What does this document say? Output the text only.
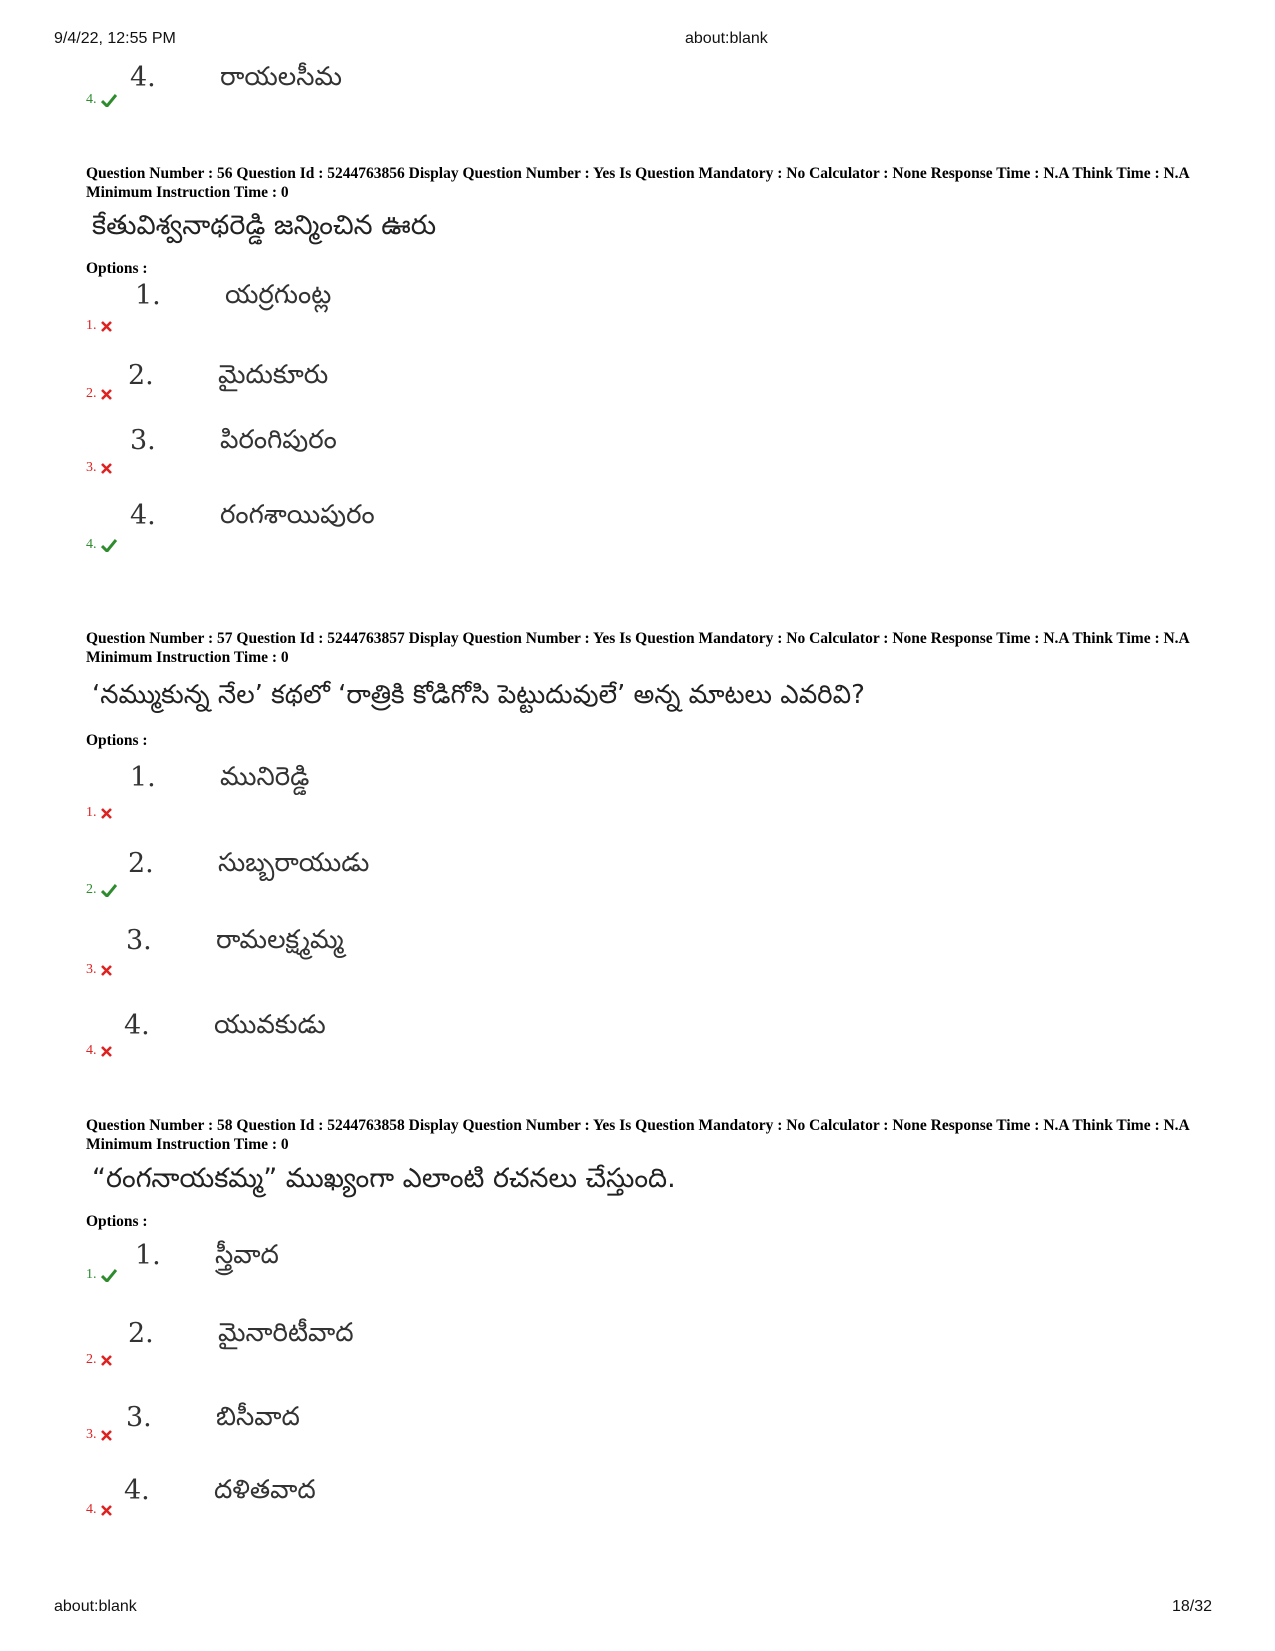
9/4/22, 12:55 PM	about:blank
4. రాయలసీమ
4.
Question Number : 56 Question Id : 5244763856 Display Question Number : Yes Is Question Mandatory : No Calculator : None Response Time : N.A Think Time : N.A Minimum Instruction Time : 0
కేతువిశ్వనాథరెడ్డి జన్మించిన ఊరు
Options :
1. యర్రగుంట్ల
1.
2. మైదుకూరు
2.
3. పిరంగిపురం
3.
4. రంగశాయిపురం
4.
Question Number : 57 Question Id : 5244763857 Display Question Number : Yes Is Question Mandatory : No Calculator : None Response Time : N.A Think Time : N.A Minimum Instruction Time : 0
‘నమ్ముకున్న నేల’ కథలో ‘రాత్రికి కోడిగోసి పెట్టుదువులే’ అన్న మాటలు ఎవరివి?
Options :
1. మునిరెడ్డి
1.
2. సుబ్బరాయుడు
2.
3. రామలక్ష్మమ్మ
3.
4. యువకుడు
4.
Question Number : 58 Question Id : 5244763858 Display Question Number : Yes Is Question Mandatory : No Calculator : None Response Time : N.A Think Time : N.A Minimum Instruction Time : 0
“రంగనాయకమ్మ” ముఖ్యంగా ఎలాంటి రచనలు చేస్తుంది.
Options :
1. స్త్రీవాద
1.
2. మైనారిటీవాద
2.
3. బిసీవాద
3.
4. దళితవాద
4.
about:blank	18/32
